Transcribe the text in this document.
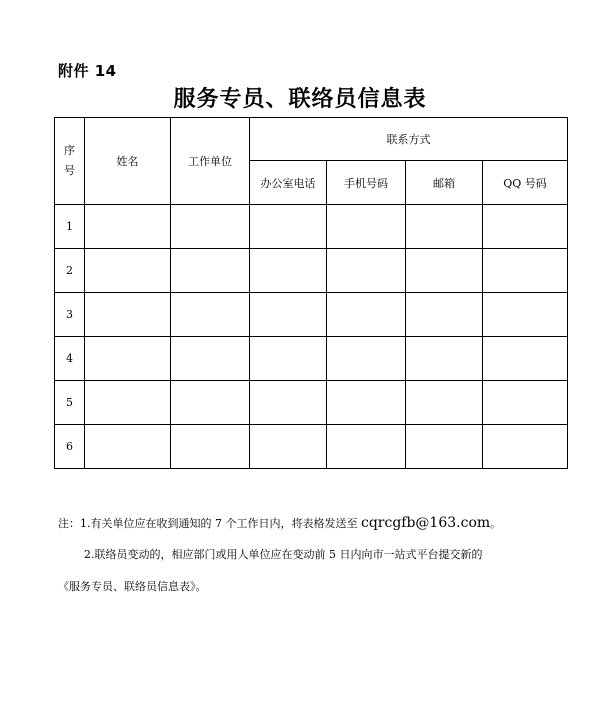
附件 14
服务专员、联络员信息表
序
号	姓名	工作单位	联系方式			
			办公室电话	手机号码	邮箱	QQ 号码
1						
2						
3						
4						
5						
6						
注：1.有关单位应在收到通知的 7 个工作日内，将表格发送至 cqrcgfb@163.com。
2.联络员变动的，相应部门或用人单位应在变动前 5 日内向市一站式平台提交新的
《服务专员、联络员信息表》。
